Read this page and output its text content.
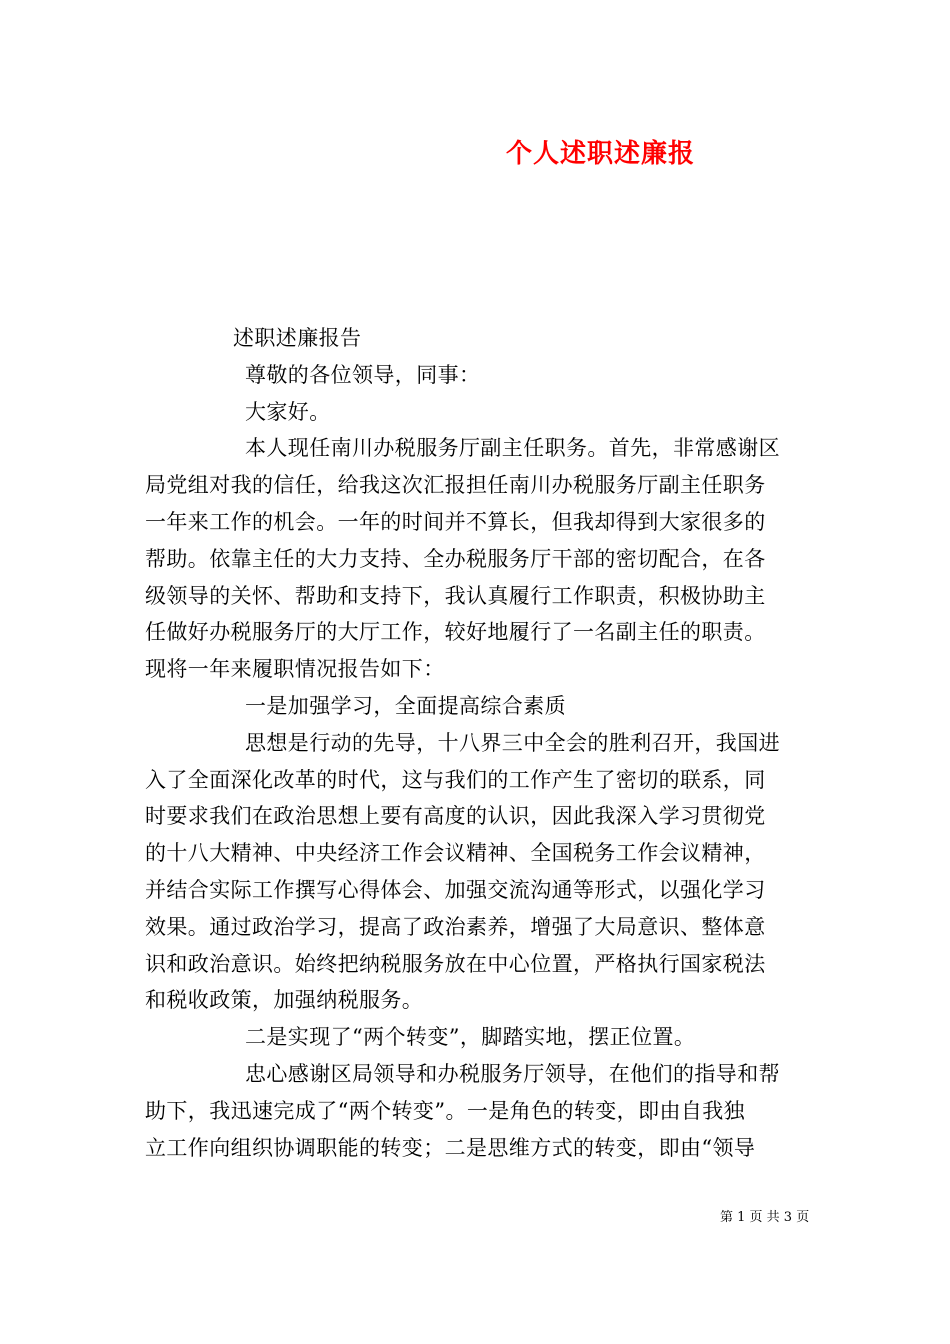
个人述职述廉报
述职述廉报告
尊敬的各位领导，同事：
大家好。
本人现任南川办税服务厅副主任职务。首先，非常感谢区
局党组对我的信任，给我这次汇报担任南川办税服务厅副主任职务
一年来工作的机会。一年的时间并不算长，但我却得到大家很多的
帮助。依靠主任的大力支持、全办税服务厅干部的密切配合，在各
级领导的关怀、帮助和支持下，我认真履行工作职责，积极协助主
任做好办税服务厅的大厅工作，较好地履行了一名副主任的职责。
现将一年来履职情况报告如下：
一是加强学习，全面提高综合素质
思想是行动的先导，十八界三中全会的胜利召开，我国进
入了全面深化改革的时代，这与我们的工作产生了密切的联系，同
时要求我们在政治思想上要有高度的认识，因此我深入学习贯彻党
的十八大精神、中央经济工作会议精神、全国税务工作会议精神，
并结合实际工作撰写心得体会、加强交流沟通等形式，以强化学习
效果。通过政治学习，提高了政治素养，增强了大局意识、整体意
识和政治意识。始终把纳税服务放在中心位置，严格执行国家税法
和税收政策，加强纳税服务。
二是实现了“两个转变”，脚踏实地，摆正位置。
忠心感谢区局领导和办税服务厅领导，在他们的指导和帮
助下，我迅速完成了“两个转变”。一是角色的转变，即由自我独
立工作向组织协调职能的转变；二是思维方式的转变，即由“领导
第 1 页 共 3 页
